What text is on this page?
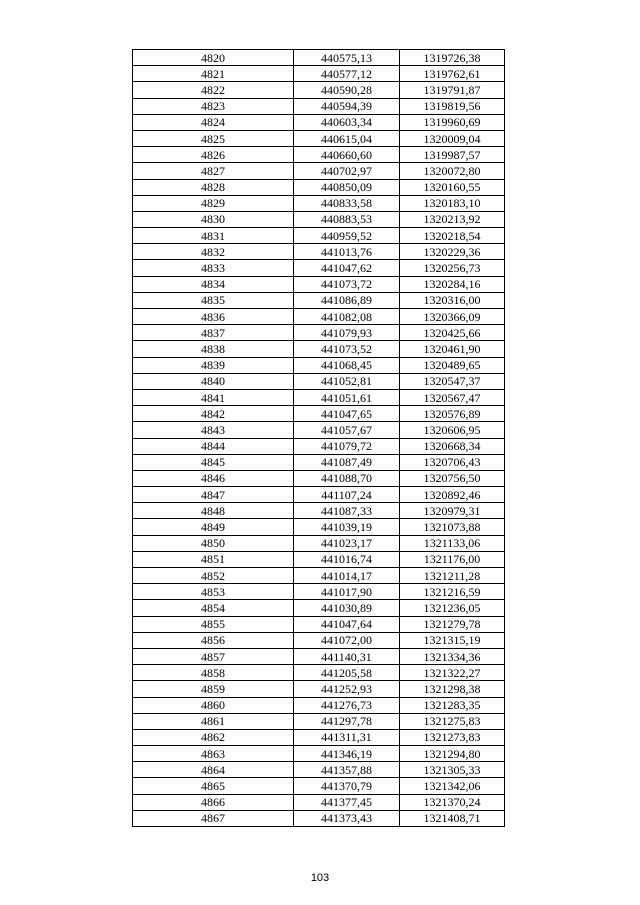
4820	440575,13	1319726,38
4821	440577,12	1319762,61
4822	440590,28	1319791,87
4823	440594,39	1319819,56
4824	440603,34	1319960,69
4825	440615,04	1320009,04
4826	440660,60	1319987,57
4827	440702,97	1320072,80
4828	440850,09	1320160,55
4829	440833,58	1320183,10
4830	440883,53	1320213,92
4831	440959,52	1320218,54
4832	441013,76	1320229,36
4833	441047,62	1320256,73
4834	441073,72	1320284,16
4835	441086,89	1320316,00
4836	441082,08	1320366,09
4837	441079,93	1320425,66
4838	441073,52	1320461,90
4839	441068,45	1320489,65
4840	441052,81	1320547,37
4841	441051,61	1320567,47
4842	441047,65	1320576,89
4843	441057,67	1320606,95
4844	441079,72	1320668,34
4845	441087,49	1320706,43
4846	441088,70	1320756,50
4847	441107,24	1320892,46
4848	441087,33	1320979,31
4849	441039,19	1321073,88
4850	441023,17	1321133,06
4851	441016,74	1321176,00
4852	441014,17	1321211,28
4853	441017,90	1321216,59
4854	441030,89	1321236,05
4855	441047,64	1321279,78
4856	441072,00	1321315,19
4857	441140,31	1321334,36
4858	441205,58	1321322,27
4859	441252,93	1321298,38
4860	441276,73	1321283,35
4861	441297,78	1321275,83
4862	441311,31	1321273,83
4863	441346,19	1321294,80
4864	441357,88	1321305,33
4865	441370,79	1321342,06
4866	441377,45	1321370,24
4867	441373,43	1321408,71
103
